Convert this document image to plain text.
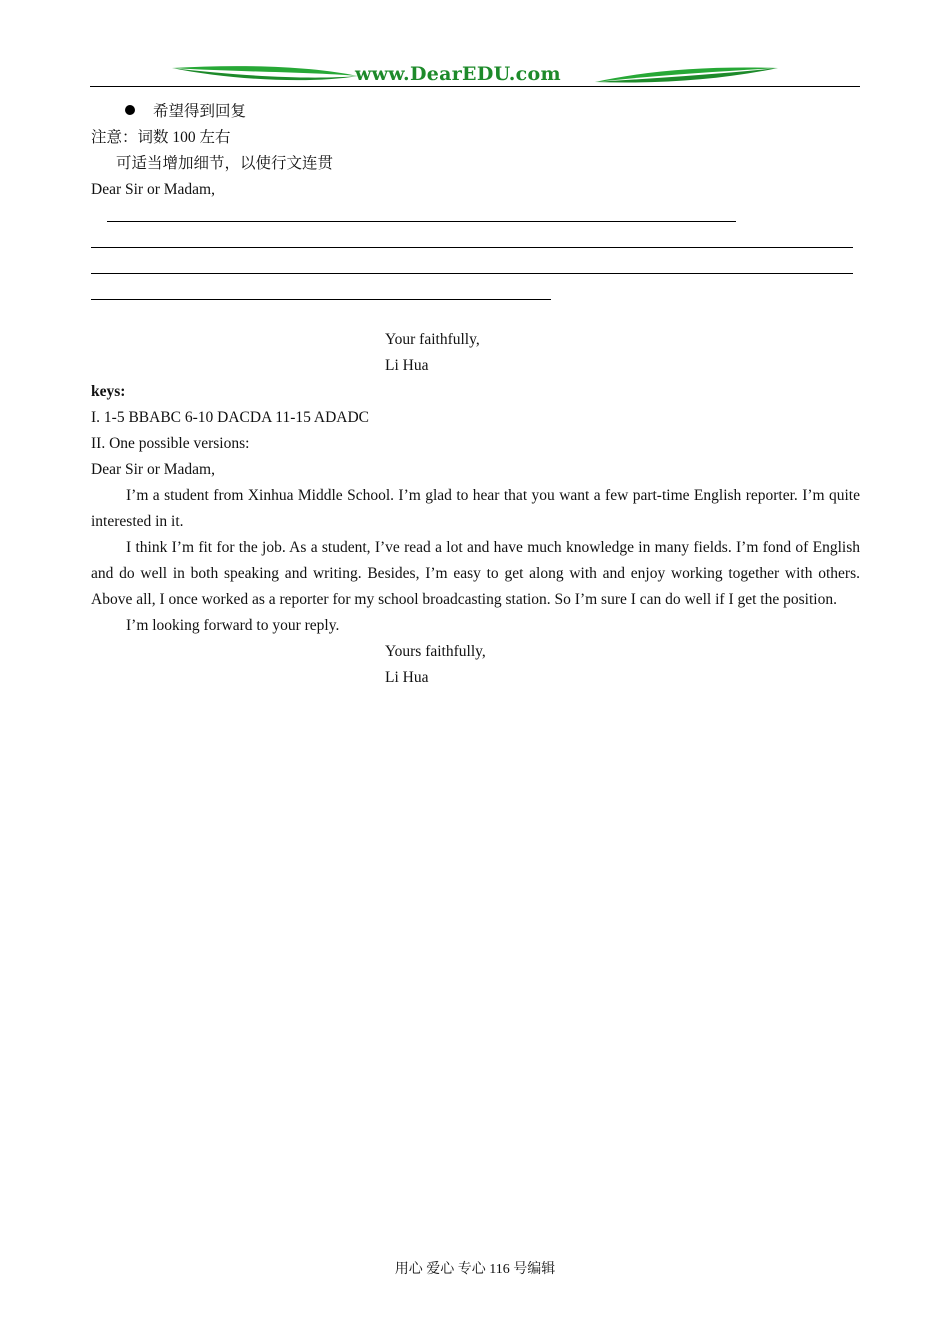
www.DearEDU.com
希望得到回复
注意：词数 100 左右
可适当增加细节，以使行文连贯
Dear Sir or Madam,
Your faithfully,
Li Hua
keys:
I. 1-5 BBABC 6-10 DACDA 11-15 ADADC
II. One possible versions:
Dear Sir or Madam,
I’m a student from Xinhua Middle School. I’m glad to hear that you want a few part-time English reporter. I’m quite interested in it.
I think I’m fit for the job. As a student, I’ve read a lot and have much knowledge in many fields. I’m fond of English and do well in both speaking and writing. Besides, I’m easy to get along with and enjoy working together with others. Above all, I once worked as a reporter for my school broadcasting station. So I’m sure I can do well if I get the position.
I’m looking forward to your reply.
Yours faithfully,
Li Hua
用心 爱心 专心 116 号编辑
